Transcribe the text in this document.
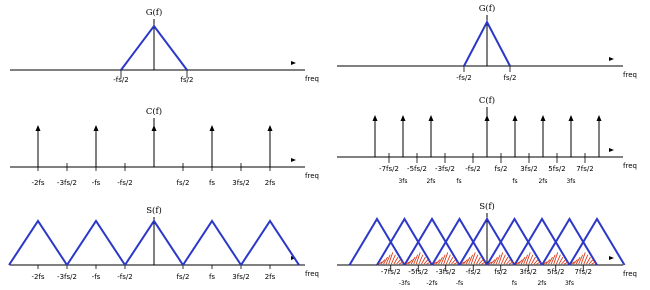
G(f)
freq
-fs/2	fs/2
C(f)
freq
-2fs -3fs/2 -fs -fs/2	fs/2	fs 3fs/2 2fs
S(f)
freq
-2fs -3fs/2 -fs -fs/2	fs/2	fs 3fs/2 2fs
G(f)
freq
-fs/2	fs/2
C(f)
freq
-7fs/2 -5fs/2 -3fs/2 -fs/2 fs/2 3fs/2 5fs/2 7fs/2
3fs	2fs	fs	fs	2fs	3fs
S(f)
freq
-7fs/2 -5fs/2 -3fs/2 -fs/2 fs/2 3fs/2 5fs/2 7fs/2
-3fs	-2fs	-fs	fs	2fs	3fs
